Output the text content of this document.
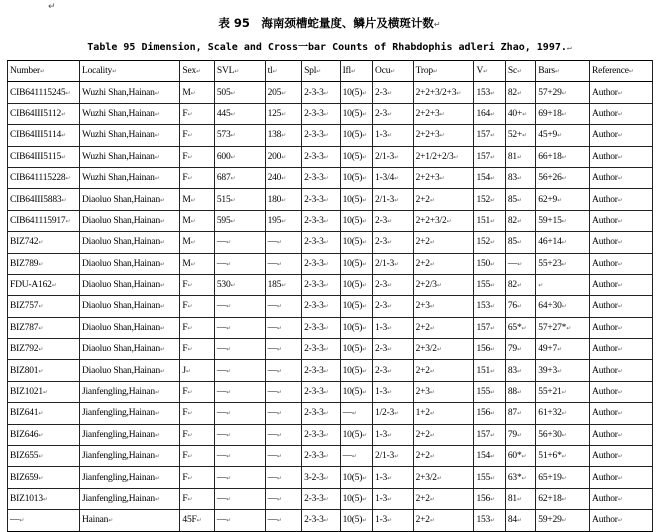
↵
表 95　海南颈槽蛇量度、鳞片及横斑计数↵
Table 95 Dimension, Scale and Cross一bar Counts of Rhabdophis adleri Zhao, 1997.↵
Number↵	Locality↵	Sex↵	SVL↵	tl↵	Spl↵	Ifl↵	Ocu↵	Trop↵	V↵	Sc↵	Bars↵	Reference↵
CIB641115245↵	Wuzhi Shan,Hainan↵	M↵	505↵	205↵	2-3-3↵	10(5)↵	2-3↵	2+2+3/2+3↵	153↵	82↵	57+29↵	Author↵
CIB64III5112↵	Wuzhi Shan,Hainan↵	F↵	445↵	125↵	2-3-3↵	10(5)↵	2-3↵	2+2+3↵	164↵	40+↵	69+18↵	Author↵
CIB64III5114↵	Wuzhi Shan,Hainan↵	F↵	573↵	138↵	2-3-3↵	10(5)↵	1-3↵	2+2+3↵	157↵	52+↵	45+9↵	Author↵
CIB64III5115↵	Wuzhi Shan,Hainan↵	F↵	600↵	200↵	2-3-3↵	10(5)↵	2/1-3↵	2+1/2+2/3↵	157↵	81↵	66+18↵	Author↵
CIB641115228↵	Wuzhi Shan,Hainan↵	F↵	687↵	240↵	2-3-3↵	10(5)↵	1-3/4↵	2+2+3↵	154↵	83↵	56+26↵	Author↵
CIB64III5883↵	Diaoluo Shan,Hainan↵	M↵	515↵	180↵	2-3-3↵	10(5)↵	2/1-3↵	2+2↵	152↵	85↵	62+9↵	Author↵
CIB641115917↵	Diaoluo Shan,Hainan↵	M↵	595↵	195↵	2-3-3↵	10(5)↵	2-3↵	2+2+3/2↵	151↵	82↵	59+15↵	Author↵
BIZ742↵	Diaoluo Shan,Hainan↵	M↵	—↵	—↵	2-3-3↵	10(5)↵	2-3↵	2+2↵	152↵	85↵	46+14↵	Author↵
BIZ789↵	Diaoluo Shan,Hainan↵	M↵	—↵	—↵	2-3-3↵	10(5)↵	2/1-3↵	2+2↵	150↵	—↵	55+23↵	Author↵
FDU-A162↵	Diaoluo Shan,Hainan↵	F↵	530↵	185↵	2-3-3↵	10(5)↵	2-3↵	2+2/3↵	155↵	82↵	↵	Author↵
BIZ757↵	Diaoluo Shan,Hainan↵	F↵	—↵	—↵	2-3-3↵	10(5)↵	2-3↵	2+3↵	153↵	76↵	64+30↵	Author↵
BIZ787↵	Diaoluo Shan,Hainan↵	F↵	—↵	—↵	2-3-3↵	10(5)↵	1-3↵	2+2↵	157↵	65*↵	57+27*↵	Author↵
BIZ792↵	Diaoluo Shan,Hainan↵	F↵	—↵	—↵	2-3-3↵	10(5)↵	2-3↵	2+3/2↵	156↵	79↵	49+7↵	Author↵
BIZ801↵	Diaoluo Shan,Hainan↵	J↵	—↵	—↵	2-3-3↵	10(5)↵	2-3↵	2+2↵	151↵	83↵	39+3↵	Author↵
BIZ1021↵	Jianfengling,Hainan↵	F↵	—↵	—↵	2-3-3↵	10(5)↵	1-3↵	2+3↵	155↵	88↵	55+21↵	Author↵
BIZ641↵	Jianfengling,Hainan↵	F↵	—↵	—↵	2-3-3↵	—↵	1/2-3↵	1+2↵	156↵	87↵	61+32↵	Author↵
BIZ646↵	Jianfengling,Hainan↵	F↵	—↵	—↵	2-3-3↵	10(5)↵	1-3↵	2+2↵	157↵	79↵	56+30↵	Author↵
BIZ655↵	Jianfengling,Hainan↵	F↵	—↵	—↵	2-3-3↵	—↵	2/1-3↵	2+2↵	154↵	60*↵	51+6*↵	Author↵
BIZ659↵	Jianfengling,Hainan↵	F↵	—↵	—↵	3-2-3↵	10(5)↵	1-3↵	2+3/2↵	155↵	63*↵	65+19↵	Author↵
BIZ1013↵	Jianfengling,Hainan↵	F↵	—↵	—↵	2-3-3↵	10(5)↵	1-3↵	2+2↵	156↵	81↵	62+18↵	Author↵
—↵	Hainan↵	45F↵	—↵	—↵	2-3-3↵	10(5)↵	1-3↵	2+2↵	153↵	84↵	59+29↵	Author↵
